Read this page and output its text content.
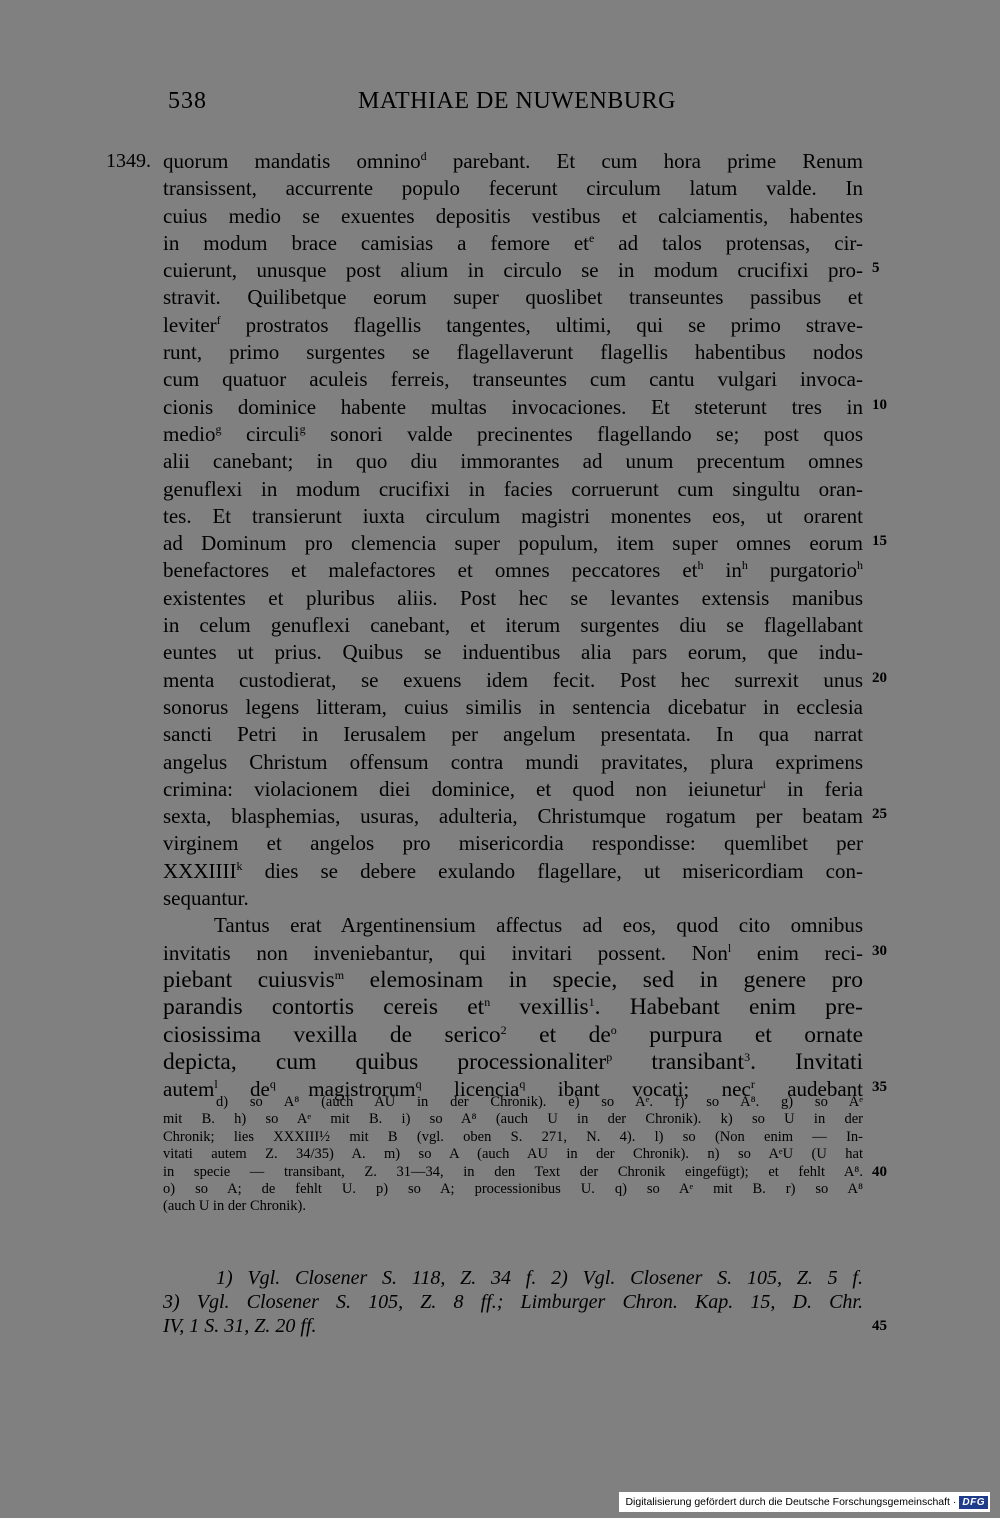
538	MATHIAE DE NUWENBURG
1349. quorum mandatis omnino$^d$ parebant. Et cum hora prime Renum
transissent, accurrente populo fecerunt circulum latum valde. In
cuius medio se exuentes depositis vestibus et calciamentis, habentes
in modum brace camisias a femore $et^e$ ad talos protensas, cir-
cuierunt, unusque post alium in circulo se in modum crucifixi pro- 5
stravit. Quilibetque eorum super quoslibet transeuntes passibus et
leviter$^f$ prostratos flagellis tangentes, ultimi, qui se primo strave-
runt, primo surgentes se flagellaverunt flagellis habentibus nodos
cum quatuor aculeis ferreis, transeuntes cum cantu vulgari invoca-
cionis dominice habente multas invocaciones. Et steterunt tres in 10
medio$^g$ circuli$^g$ sonori valde precinentes flagellando se; post quos
alii canebant; in quo diu immorantes ad unum precentum omnes
genuflexi in modum crucifixi in facies corruerunt cum singultu oran-
tes. Et transierunt iuxta circulum magistri monentes eos, ut orarent
ad Dominum pro clemencia super populum, item super omnes eorum 15
benefactores et malefactores et omnes peccatores $et^h$ $in^h$ purgatorio$^h$
existentes et pluribus aliis. Post hec se levantes extensis manibus
in celum genuflexi canebant, et iterum surgentes diu se flagellabant
euntes ut prius. Quibus se induentibus alia pars eorum, que indu-
menta custodierat, se exuens idem fecit. Post hec surrexit unus 20
sonorus legens litteram, cuius similis in sentencia dicebatur in ecclesia
sancti Petri in Ierusalem per angelum presentata. In qua narrat
angelus Christum offensum contra mundi pravitates, plura exprimens
crimina: violacionem diei dominice, et quod non ieiunetur$^i$ in feria
sexta, blasphemias, usuras, adulteria, Christumque rogatum per beatam 25
virginem et angelos pro misericordia respondisse: quemlibet per
XXXIIII$^k$ dies se debere exulando flagellare, ut misericordiam con-
sequantur.
Tantus erat Argentinensium affectus ad eos, quod cito omnibus
invitatis non inveniebantur, qui invitari possent. Non$^l$ enim reci- 30
piebant cuiusvis$^m$ elemosinam in specie, sed in genere pro
parandis contortis cereis $et^n$ vexillis$^1$. Habebant enim pre-
ciosissima vexilla de serico$^2$ et $de^o$ purpura et ornate
depicta, cum quibus processionaliter$^p$ transibant$^3$. Invitati
autem$^l$ $de^q$ magistrorum$^q$ licencia$^q$ ibant vocati; nec$^r$ audebant 35
d) so A⁸ (auch AU in der Chronik). e) so Aᵉ. f) so A⁸. g) so Aᵉ
mit B. h) so Aᵉ mit B. i) so A⁸ (auch U in der Chronik). k) so U in der
Chronik; lies XXXIII½ mit B (vgl. oben S. 271, N. 4). l) so (Non enim — In-
vitati autem Z. 34/35) A. m) so A (auch AU in der Chronik). n) so AᵉU (U hat
in specie — transibant, Z. 31—34, in den Text der Chronik eingefügt); et fehlt A⁸. 40
o) so A; de fehlt U. p) so A; processionibus U. q) so Aᵉ mit B. r) so A⁸
(auch U in der Chronik).
1) Vgl. Closener S. 118, Z. 34 f. 2) Vgl. Closener S. 105, Z. 5 f.
3) Vgl. Closener S. 105, Z. 8 ff.; Limburger Chron. Kap. 15, D. Chr.
IV, 1 S. 31, Z. 20 ff.	45
Digitalisierung gefördert durch die Deutsche Forschungsgemeinschaft · DFG
